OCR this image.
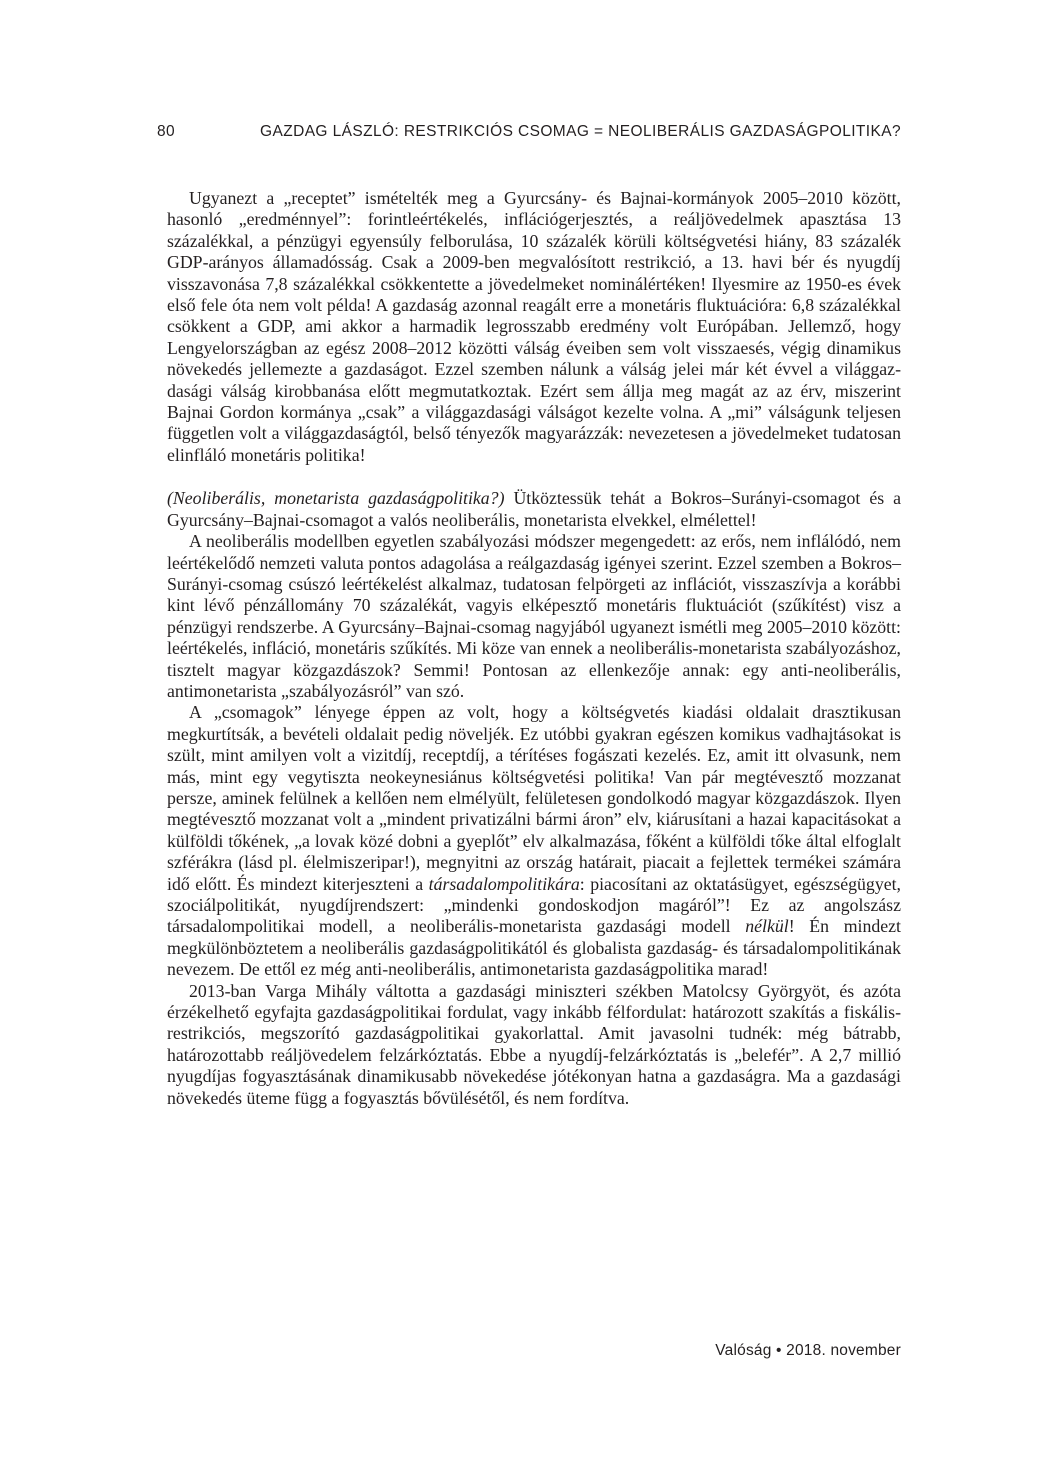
80	GAZDAG LÁSZLÓ: RESTRIKCIÓS CSOMAG = NEOLIBERÁLIS GAZDASÁGPOLITIKA?

Ugyanezt a „receptet” ismételték meg a Gyurcsány- és Bajnai-kormányok 2005–2010 között, hasonló „eredménnyel”: forintleértékelés, inflációgerjesztés, a reáljövedelmek apasztása 13 százalékkal, a pénzügyi egyensúly felborulása, 10 százalék körüli költségvetési hiány, 83 százalék GDP-arányos államadósság. Csak a 2009-ben megvalósított restrikció, a 13. havi bér és nyugdíj visszavonása 7,8 százalékkal csökkentette a jövedelmeket nominálértéken! Ilyesmire az 1950-es évek első fele óta nem volt példa! A gazdaság azonnal reagált erre a monetáris fluktuációra: 6,8 százalékkal csökkent a GDP, ami akkor a harmadik legrosszabb eredmény volt Európában. Jellemző, hogy Lengyelországban az egész 2008–2012 közötti válság éveiben sem volt visszaesés, végig dinamikus növekedés jellemezte a gazdaságot. Ezzel szemben nálunk a válság jelei már két évvel a világgazdasági válság kirobbanása előtt megmutatkoztak. Ezért sem állja meg magát az az érv, miszerint Bajnai Gordon kormánya „csak” a világgazdasági válságot kezelte volna. A „mi” válságunk teljesen független volt a világgazdaságtól, belső tényezők magyarázzák: nevezetesen a jövedelmeket tudatosan elinfláló monetáris politika!

(Neoliberális, monetarista gazdaságpolitika?) Ütköztessük tehát a Bokros–Surányi-csomagot és a Gyurcsány–Bajnai-csomagot a valós neoliberális, monetarista elvekkel, elmélettel!

A neoliberális modellben egyetlen szabályozási módszer megengedett: az erős, nem inflálódó, nem leértékelődő nemzeti valuta pontos adagolása a reálgazdaság igényei szerint. Ezzel szemben a Bokros–Surányi-csomag csúszó leértékelést alkalmaz, tudatosan felpörgeti az inflációt, visszaszívja a korábbi kint lévő pénzállomány 70 százalékát, vagyis elképesztő monetáris fluktuációt (szűkítést) visz a pénzügyi rendszerbe. A Gyurcsány–Bajnai-csomag nagyjából ugyanezt ismétli meg 2005–2010 között: leértékelés, infláció, monetáris szűkítés. Mi köze van ennek a neoliberális-monetarista szabályozáshoz, tisztelt magyar közgazdászok? Semmi! Pontosan az ellenkezője annak: egy anti-neoliberális, antimonetarista „szabályozásról” van szó.

A „csomagok” lényege éppen az volt, hogy a költségvetés kiadási oldalait drasztikusan megkurtítsák, a bevételi oldalait pedig növeljék. Ez utóbbi gyakran egészen komikus vadhajtásokat is szült, mint amilyen volt a vizitdíj, receptdíj, a térítéses fogászati kezelés. Ez, amit itt olvasunk, nem más, mint egy vegytiszta neokeynesiánus költségvetési politika! Van pár megtévesztő mozzanat persze, aminek felülnek a kellően nem elmélyült, felületesen gondolkodó magyar közgazdászok. Ilyen megtévesztő mozzanat volt a „mindent privatizálni bármi áron” elv, kiárusítani a hazai kapacitásokat a külföldi tőkének, „a lovak közé dobni a gyeplőt” elv alkalmazása, főként a külföldi tőke által elfoglalt szférákra (lásd pl. élelmiszeripar!), megnyitni az ország határait, piacait a fejlettek termékei számára idő előtt. És mindezt kiterjeszteni a társadalompolitikára: piacosítani az oktatásügyet, egészségügyet, szociálpolitikát, nyugdíjrendszert: „mindenki gondoskodjon magáról”! Ez az angolszász társadalompolitikai modell, a neoliberális-monetarista gazdasági modell nélkül! Én mindezt megkülönböztetem a neoliberális gazdaságpolitikától és globalista gazdaság- és társadalompolitikának nevezem. De ettől ez még anti-neoliberális, antimonetarista gazdaságpolitika marad!

2013-ban Varga Mihály váltotta a gazdasági miniszteri székben Matolcsy Györgyöt, és azóta érzékelhető egyfajta gazdaságpolitikai fordulat, vagy inkább félfordulat: határozott szakítás a fiskális-restrikciós, megszorító gazdaságpolitikai gyakorlattal. Amit javasolni tudnék: még bátrabb, határozottabb reáljövedelem felzárkóztatás. Ebbe a nyugdíj-felzárkóztatás is „belefér”. A 2,7 millió nyugdíjas fogyasztásának dinamikusabb növekedése jótékonyan hatna a gazdaságra. Ma a gazdasági növekedés üteme függ a fogyasztás bővülésétől, és nem fordítva.

Valóság • 2018. november
